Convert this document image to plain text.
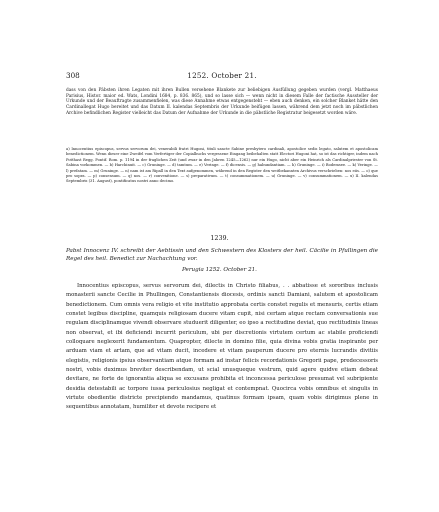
308	1252. October 21.

dass von den Päbsten ihren Legaten mit ihren Bullen versehene Blankete zur beliebigen Ausfüllung gegeben wurden (vergl. Matthaeus Parisius, Histor. maior ed. Wats, Londini 1684, p. 836. 865), und so lasse sich — wenn nicht in diesem Falle der factische Aussteller der Urkunde und der Beauftragte zusammenfielen, was diese Annahme etwas entgegensteht — eben auch denken, ein solcher Blanket hätte den Cardinallegat Hugo bereitet und das Datum II. kalendas Septembris der Urkunde beifügen lassen, während dem jetzt noch im päbstlichen Archive befindlichen Register vielleicht das Datum der Aufnahme der Urkunde in die päbstliche Registratur beigesetzt worden wäre.

a) Innocentius episcopus, servus servorum dei, venerabili fratri Hugoni, tituli sancte Sabine presbytero cardinali, apostolice sedis legato, salutem et apostolicam benedictionem. Wenn dieser eine Zweifel vom Verfertiger der Copialbuchs vergessene Eingang beibehalten statt Electori Hugoni hat, so ist das richtiger, indem nach Potthast Regg. Pontif. Rom. p. 1194 in der fraglichen Zeit (und zwar in den Jahren 1245—1262) nur ein Hugo, nicht aber ein Heinrich als Cardinalpriester von St. Sabina vorkommen. — b) Harchinuit. — c) Gruninge. — d) tamtum. — e) Veringe. — f) dicensis. — g) habundantiam. — h) Gruninge. — i) Bodemsee. — k) Veringe. — l) prefatam. — m) Gruninge. — n) nam ist am Ripall in den Text aufgenommen, während in den Register den weitbekannten Archivus verschrieben: nos eiis. — o) que pro sopra. — p) consensum. — q) nos. — r) convenitione. — s) preparativum. — t) consummationem. — u) Gruninge. — v) consummationem. — x) II. kalendas Septembris (31. August), pontificatus nostri anno decimo.

1239.
Pabst Innocenz IV. schreibt der Aebtissin und den Schwestern des Klosters der heil. Cäcilie in Pfullingen die Regel des heil. Benedict zur Nachachtung vor.
Perugia 1252. October 21.

Innocentius episcopus, servus servorum dei, dilectis in Christo filiabus, . . abbatisse et sororibus inclusis monasterii sancte Cecilie in Phullingen, Constantiensis diocesis, ordinis sancti Damiani, salutem et apostolicam benedictionem. Cum omnis vera religio et vite institutio approbata certis constet regulis et mensuris, certis etiam constet legibus discipline, quamquis religiosam ducere vitam cupit, nisi certam atque rectam conversationis sue regulam disciplinamque vivendi observare studuerit diligenter, eo ipso a rectitudine deviat, quo rectitudinis lineas non observat, et ibi deficiendi incurrit periculum, ubi per discretionis virtutem certum ac stabile proficiendi colloquare neglexerit fundamentum. Quapropter, dilecte in domino filie, quia divina vobis gratia inspirante per arduam viam et artam, que ad vitam ducit, incedere et vitam pauperum ducere pro eternis lucrandis divitiis elegistis, religionis ipsius observantiam atque formam ad instar felicis recordationis Gregorii pape, predecessoris nostri, vobis duximus breviter describendam, ut scial unusqueque vestrum, quid agere quidve etiam debeat devitare, ne forte de ignorantia aliqua se excusans prohibita et inconcessa periculose presumat vel subripiente desidia detestabili ac torpore iussa periculosius negligat et contempnat. Quocirca vobis omnibus et singulis in virtute obedientie districte precipiendo mandamus, quatinus formam ipsam, quam vobis dirigimus plene in sequentibus annotatam, humiliter et devote recipere et
